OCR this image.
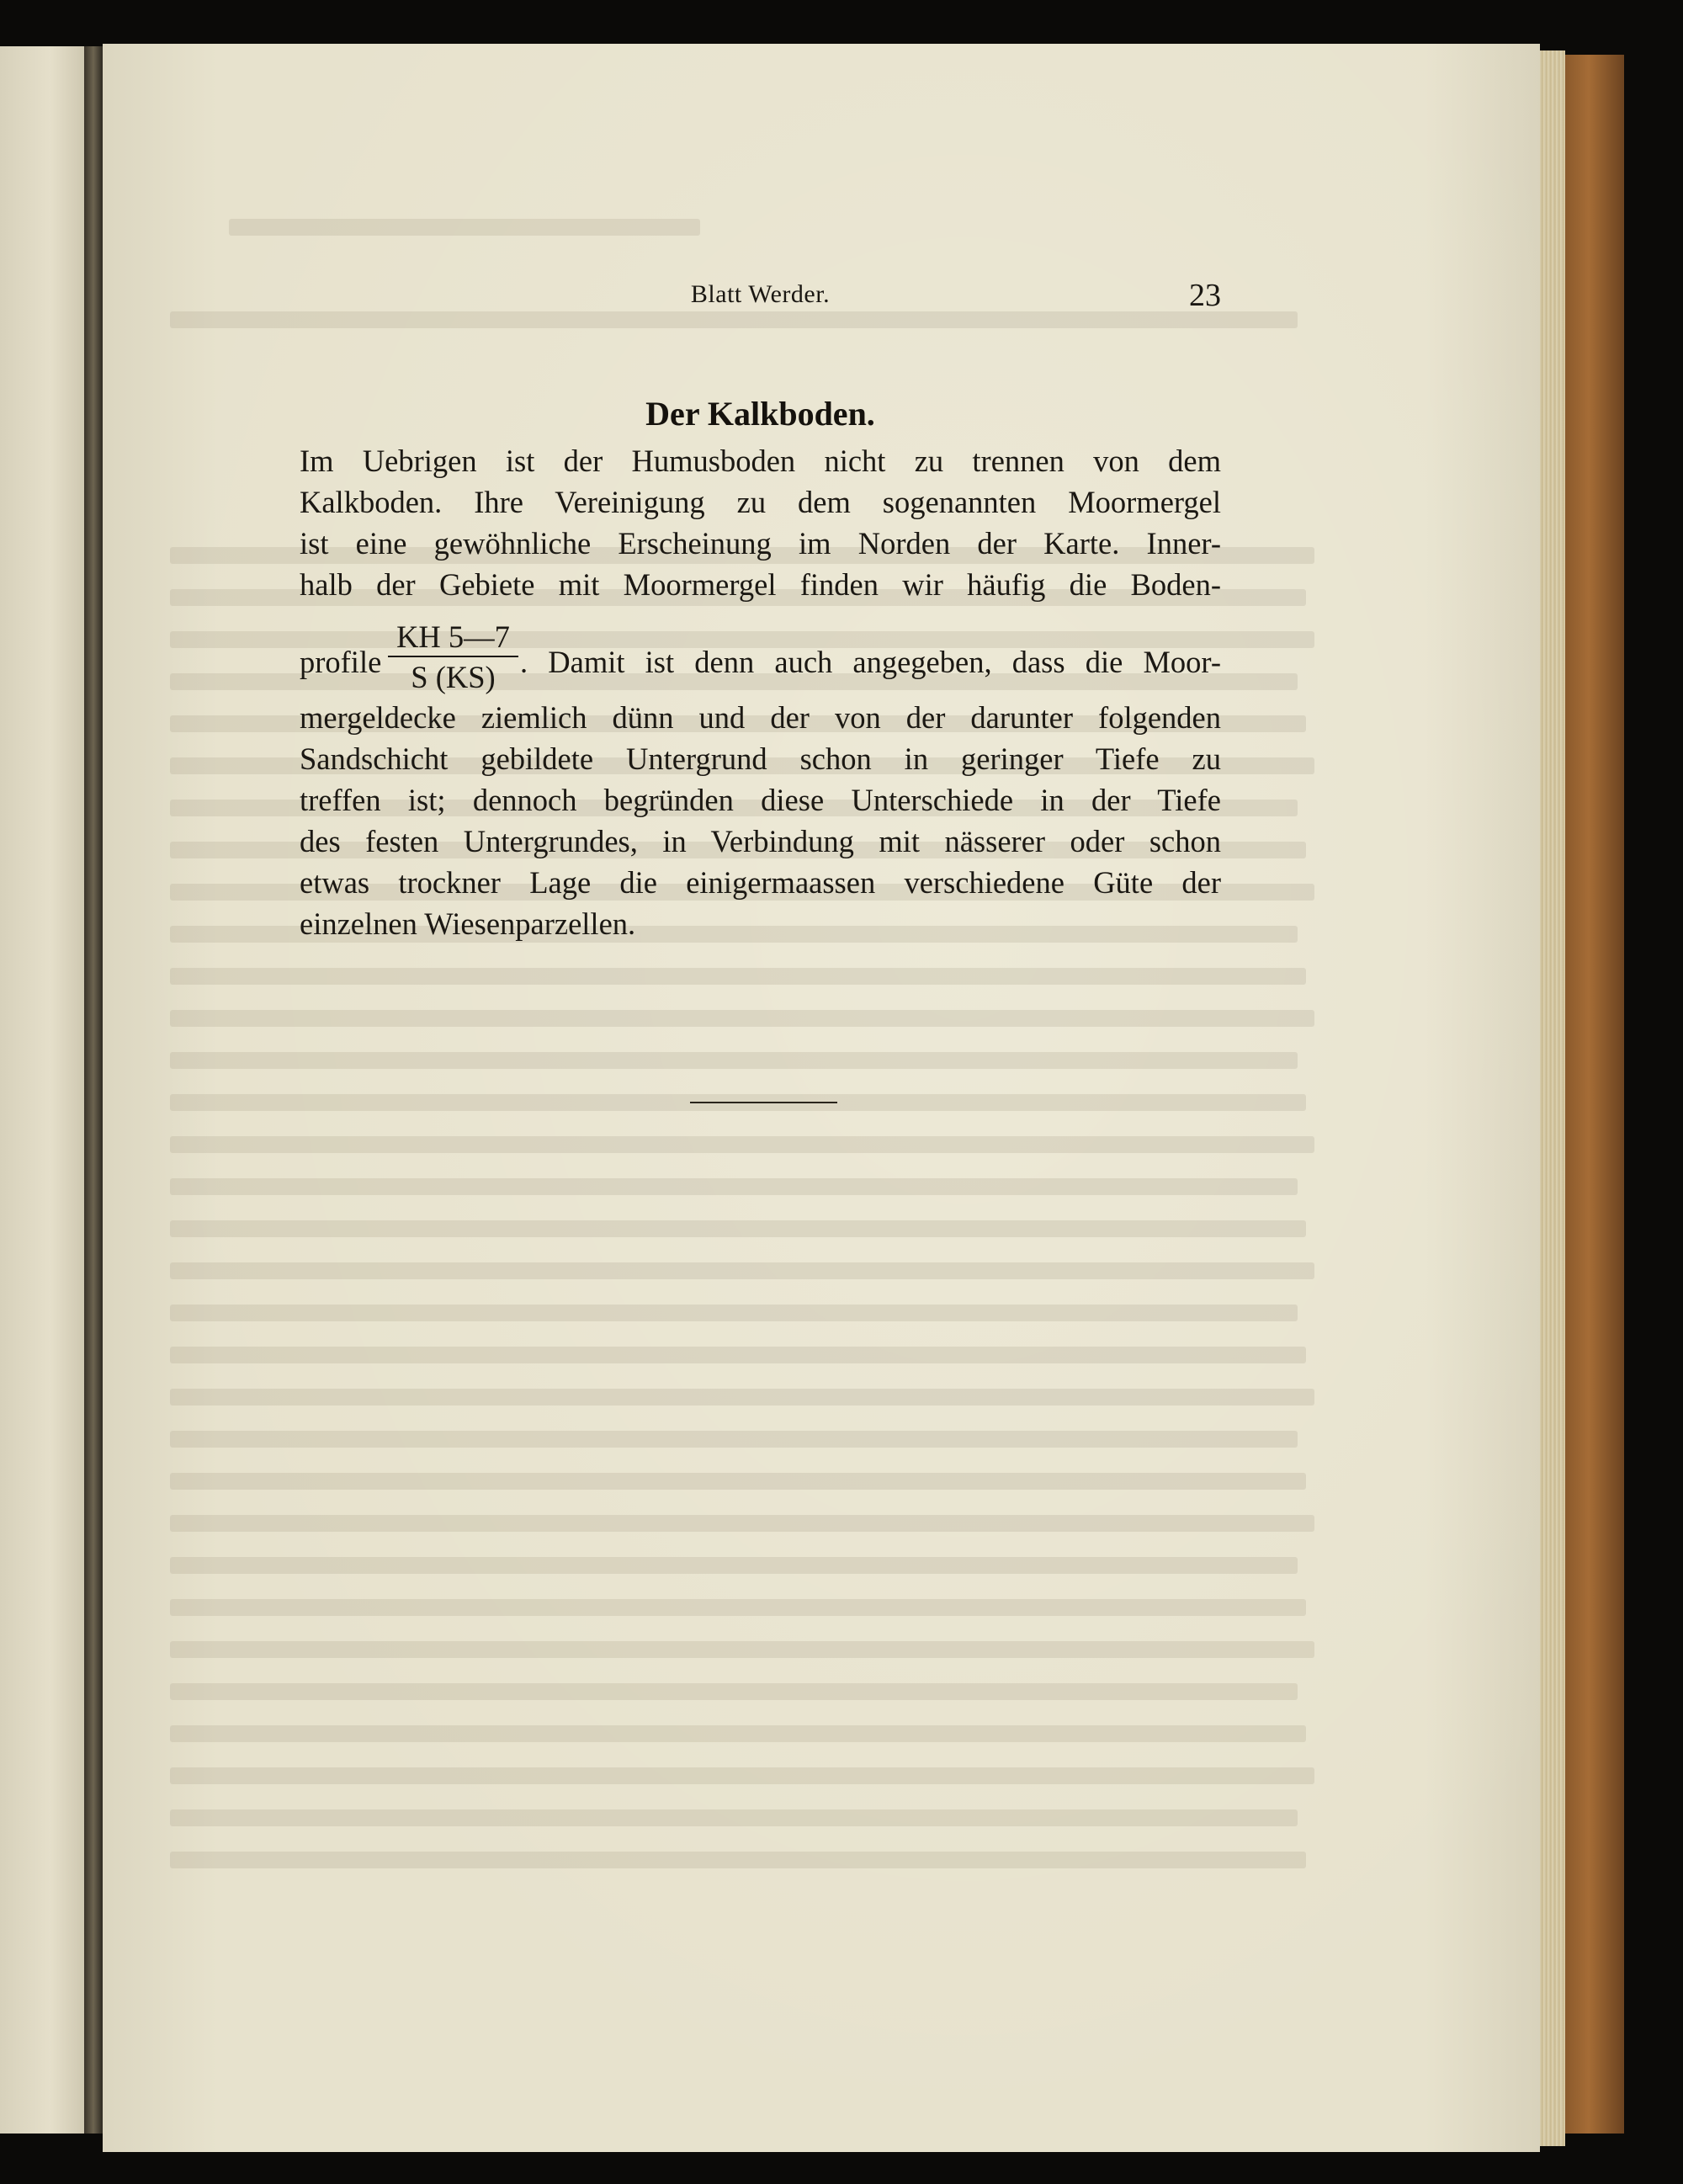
Blatt Werder.	23
Der Kalkboden.
Im Uebrigen ist der Humusboden nicht zu trennen von dem
Kalkboden. Ihre Vereinigung zu dem sogenannten Moormergel
ist eine gewöhnliche Erscheinung im Norden der Karte. Inner-
halb der Gebiete mit Moormergel finden wir häufig die Boden-
profile $\frac{KH 5—7}{S (KS)}$ . Damit ist denn auch angegeben, dass die Moor-
mergeldecke ziemlich dünn und der von der darunter folgenden
Sandschicht gebildete Untergrund schon in geringer Tiefe zu
treffen ist; dennoch begründen diese Unterschiede in der Tiefe
des festen Untergrundes, in Verbindung mit nässerer oder schon
etwas trockner Lage die einigermaassen verschiedene Güte der
einzelnen Wiesenparzellen.
